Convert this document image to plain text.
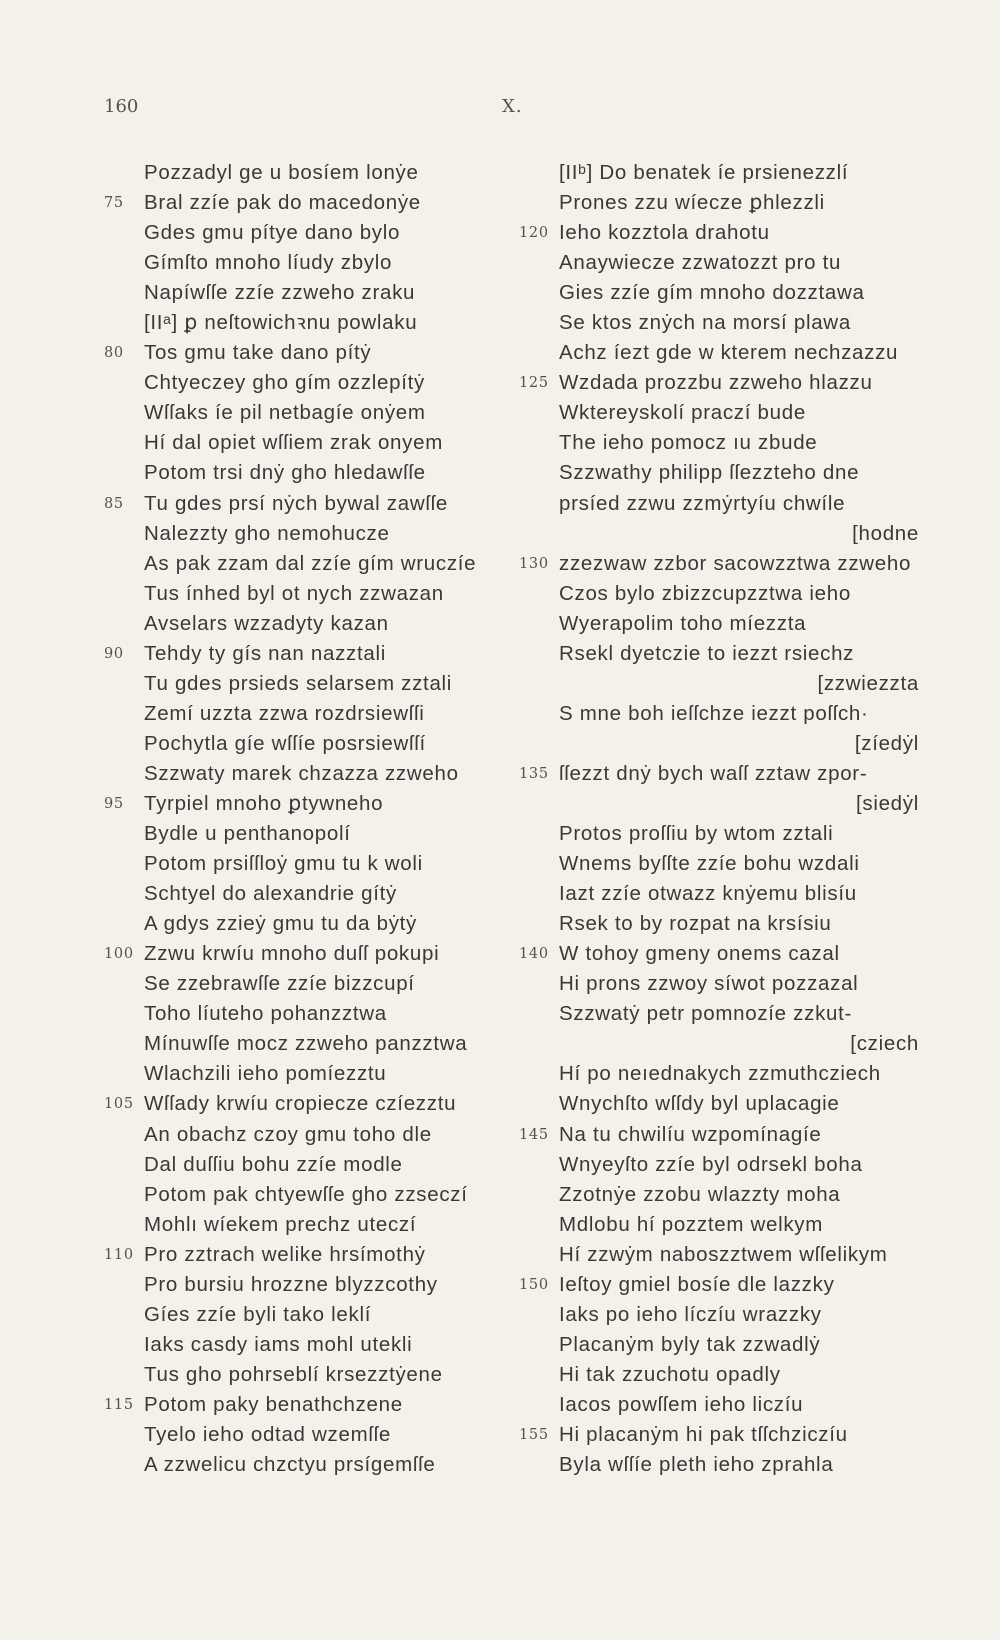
160	X.
Pozzadyl ge u bosíem lonẏe
75 Bral zzíe pak do macedonẏe
Gdes gmu pítye dano bylo
Gímſto mnoho líudy zbylo
Napíwſſe zzíe zzweho zraku
[IIᵃ] ꝑ neſtowichꝛnu powlaku
80 Tos gmu take dano pítẏ
Chtyeczey gho gím ozzlepítẏ
Wſſaks íe pil netbagíe onẏem
Hí dal opiet wſſiem zrak onyem
Potom trsi dnẏ gho hledawſſe
85 Tu gdes prsí nẏch bywal zawſſe
Nalezzty gho nemohucze
As pak zzam dal zzíe gím wruczíe
Tus ínhed byl ot nych zzwazan
Avselars wzzadyty kazan
90 Tehdy ty gís nan nazztali
Tu gdes prsieds selarsem zztali
Zemí uzzta zzwa rozdrsiewſſi
Pochytla gíe wſſíe posrsiewſſí
Szzwaty marek chzazza zzweho
95 Tyrpiel mnoho ꝑtywneho
Bydle u penthanopolí
Potom prsiſſloẏ gmu tu k woli
Schtyel do alexandrie gítẏ
A gdys zzieẏ gmu tu da bẏtẏ
100 Zzwu krwíu mnoho duſſ pokupi
Se zzebrawſſe zzíe bizzcupí
Toho líuteho pohanzztwa
Mínuwſſe mocz zzweho panzztwa
Wlachzili ieho pomíezztu
105 Wſſady krwíu cropiecze czíezztu
An obachz czoy gmu toho dle
Dal duſſiu bohu zzíe modle
Potom pak chtyewſſe gho zzseczí
Mohlı wíekem prechz uteczí
110 Pro zztrach welike hrsímothẏ
Pro bursiu hrozzne blyzzcothy
Gíes zzíe byli tako leklí
Iaks casdy iams mohl utekli
Tus gho pohrseblí krsezztẏene
115 Potom paky benathchzene
Tyelo ieho odtad wzemſſe
A zzwelicu chzctyu prsígemſſe
[IIᵇ] Do benatek íe prsienezzlí
Prones zzu wíecze ꝑhlezzli
120 Ieho kozztola drahotu
Anaywiecze zzwatozzt pro tu
Gies zzíe gím mnoho dozztawa
Se ktos znẏch na morsí plawa
Achz íezt gde w kterem nechzazzu
125 Wzdada prozzbu zzweho hlazzu
Wktereyskolí praczí bude
The ieho pomocz ıu zbude
Szzwathy philipp ſſezzteho dne
prsíed zzwu zzmẏrtyíu chwíle
[hodne
130 zzezwaw zzbor sacowzztwa zzweho
Czos bylo zbizzcupzztwa ieho
Wyerapolim toho míezzta
Rsekl dyetczie to iezzt rsiechz
[zzwiezzta
S mne boh ieſſchze iezzt poſſch·
[zíedẏl
135 ſſezzt dnẏ bych waſſ zztaw zpor-
[siedẏl
Protos proſſiu by wtom zztali
Wnems byſſte zzíe bohu wzdali
Iazt zzíe otwazz knẏemu blisíu
Rsek to by rozpat na krsísiu
140 W tohoy gmeny onems cazal
Hi prons zzwoy síwot pozzazal
Szzwatẏ petr pomnozíe zzkut-
[cziech
Hí po neıednakych zzmuthcziech
Wnychſto wſſdy byl uplacagie
145 Na tu chwilíu wzpomínagíe
Wnyeyſto zzíe byl odrsekl boha
Zzotnẏe zzobu wlazzty moha
Mdlobu hí pozztem welkym
Hí zzwẏm naboszztwem wſſelikym
150 Ieſtoy gmiel bosíe dle lazzky
Iaks po ieho líczíu wrazzky
Placanẏm byly tak zzwadlẏ
Hi tak zzuchotu opadly
Iacos powſſem ieho liczíu
155 Hi placanẏm hi pak tſſchziczíu
Byla wſſíe pleth ieho zprahla
